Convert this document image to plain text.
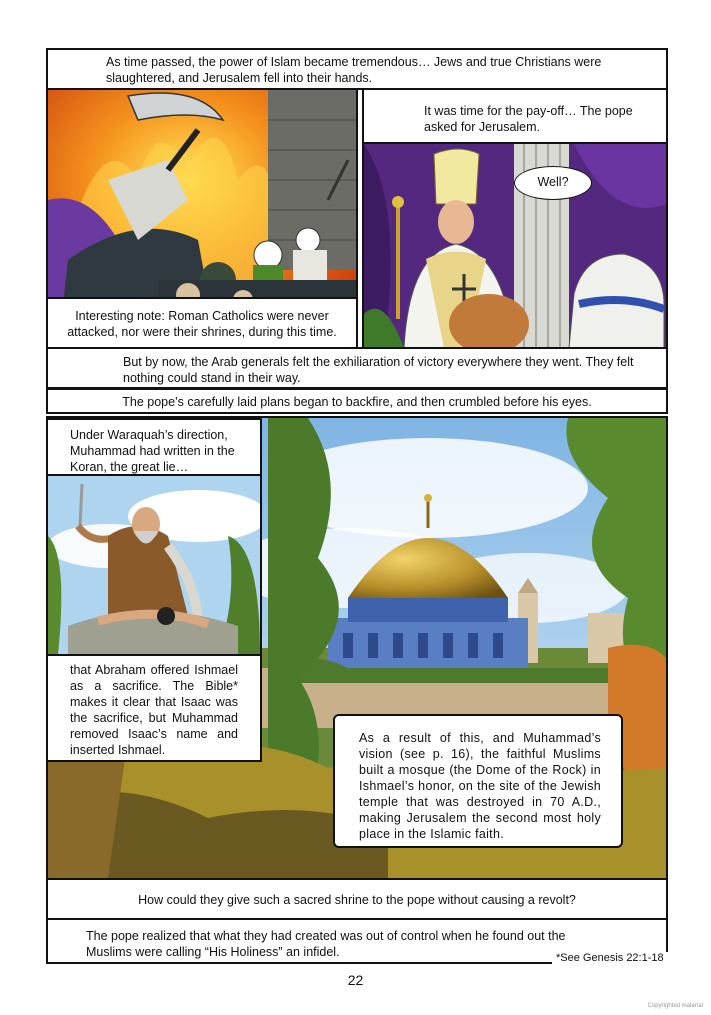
As time passed, the power of Islam became tremendous… Jews and true Christians were slaughtered, and Jerusalem fell into their hands.
Interesting note: Roman Catholics were never attacked, nor were their shrines, during this time.
It was time for the pay-off… The pope asked for Jerusalem.
Well?
But by now, the Arab generals felt the exhiliaration of victory everywhere they went. They felt nothing could stand in their way.
The pope’s carefully laid plans began to backfire, and then crumbled before his eyes.
Under Waraquah’s direction, Muhammad had written in the Koran, the great lie…
that Abraham offered Ishmael as a sacrifice. The Bible* makes it clear that Isaac was the sacrifice, but Muhammad removed Isaac’s name and inserted Ishmael.
As a result of this, and Muhammad’s vision (see p. 16), the faithful Muslims built a mosque (the Dome of the Rock) in Ishmael’s honor, on the site of the Jewish temple that was destroyed in 70 A.D., making Jerusalem the second most holy place in the Islamic faith.
How could they give such a sacred shrine to the pope without causing a revolt?
The pope realized that what they had created was out of control when he found out the Muslims were calling “His Holiness” an infidel.	*See Genesis 22:1-18
22
Copyrighted material
